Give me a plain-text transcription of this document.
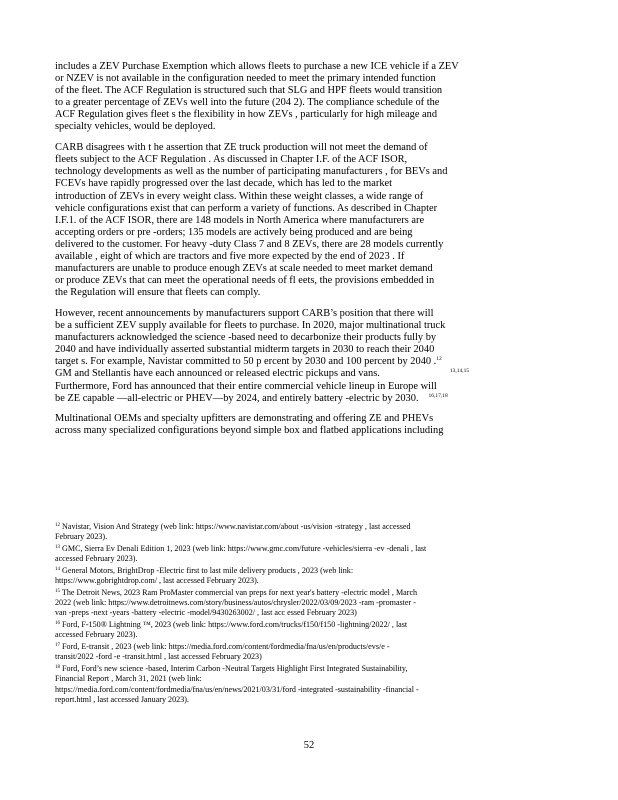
includes a ZEV Purchase Exemption which allows fleets to purchase a new ICE vehicle if a ZEV
or NZEV is not available in the configuration needed to meet the primary intended function
of the fleet. The ACF Regulation is structured such that SLG and HPF fleets would transition
to a greater percentage of ZEVs well into the future (204 2). The compliance schedule of the
ACF Regulation gives fleet s the flexibility in how ZEVs , particularly for high mileage and
specialty vehicles, would be deployed.

CARB disagrees with t he assertion that ZE truck production will not meet the demand of
fleets subject to the ACF Regulation . As discussed in Chapter I.F. of the ACF ISOR,
technology developments as well as the number of participating manufacturers , for BEVs and
FCEVs have rapidly progressed over the last decade, which has led to the market
introduction of ZEVs in every weight class. Within these weight classes, a wide range of
vehicle configurations exist that can perform a variety of functions. As described in Chapter
I.F.1. of the ACF ISOR, there are 148 models in North America where manufacturers are
accepting orders or pre -orders; 135 models are actively being produced and are being
delivered to the customer. For heavy -duty Class 7 and 8 ZEVs, there are 28 models currently
available , eight of which are tractors and five more expected by the end of 2023 . If
manufacturers are unable to produce enough ZEVs at scale needed to meet market demand
or produce ZEVs that can meet the operational needs of fl eets, the provisions embedded in
the Regulation will ensure that fleets can comply.

However, recent announcements by manufacturers support CARB’s position that there will
be a sufficient ZEV supply available for fleets to purchase. In 2020, major multinational truck
manufacturers acknowledged the science -based need to decarbonize their products fully by
2040 and have individually asserted substantial midterm targets in 2030 to reach their 2040
target s. For example, Navistar committed to 50 p ercent by 2030 and 100 percent by 2040 .$^{12}$
GM and Stellantis have each announced or released electric pickups and vans.	$^{13,14,15}$
Furthermore, Ford has announced that their entire commercial vehicle lineup in Europe will
be ZE capable —all-electric or PHEV—by 2024, and entirely battery -electric by 2030. $^{16,17,18}$

Multinational OEMs and specialty upfitters are demonstrating and offering ZE and PHEVs
across many specialized configurations beyond simple box and flatbed applications including

$^{12}$ Navistar, Vision And Strategy (web link: https://www.navistar.com/about -us/vision -strategy , last accessed
February 2023).

$^{13}$ GMC, Sierra Ev Denali Edition 1, 2023 (web link: https://www.gmc.com/future -vehicles/sierra -ev -denali , last
accessed February 2023).

$^{14}$ General Motors, BrightDrop -Electric first to last mile delivery products , 2023 (web link:
https://www.gobrightdrop.com/ , last accessed February 2023).

$^{15}$ The Detroit News, 2023 Ram ProMaster commercial van preps for next year's battery -electric model , March
2022 (web link: https://www.detroitnews.com/story/business/autos/chrysler/2022/03/09/2023 -ram -promaster -
van -preps -next -years -battery -electric -model/9430263002/ , last acc essed February 2023)

$^{16}$ Ford, F-150® Lightning ™, 2023 (web link: https://www.ford.com/trucks/f150/f150 -lightning/2022/ , last
accessed February 2023).

$^{17}$ Ford, E-transit , 2023 (web link: https://media.ford.com/content/fordmedia/fna/us/en/products/evs/e -
transit/2022 -ford -e -transit.html , last accessed February 2023)

$^{18}$ Ford, Ford’s new science -based, Interim Carbon -Neutral Targets Highlight First Integrated Sustainability,
Financial Report , March 31, 2021 (web link:
https://media.ford.com/content/fordmedia/fna/us/en/news/2021/03/31/ford -integrated -sustainability -financial -
report.html , last accessed January 2023).

52
